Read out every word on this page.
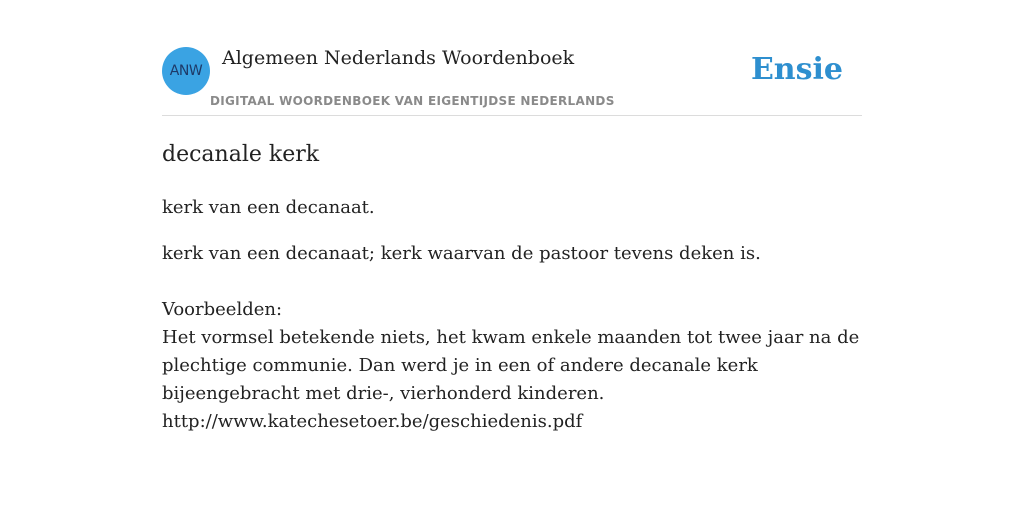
ANW
Algemeen Nederlands Woordenboek
DIGITAAL WOORDENBOEK VAN EIGENTIJDSE NEDERLANDS
Ensie
decanale kerk

kerk van een decanaat.

kerk van een decanaat; kerk waarvan de pastoor tevens deken is.

Voorbeelden:
Het vormsel betekende niets, het kwam enkele maanden tot twee jaar na de plechtige communie. Dan werd je in een of andere decanale kerk bijeengebracht met drie-, vierhonderd kinderen.
http://www.katechesetoer.be/geschiedenis.pdf
